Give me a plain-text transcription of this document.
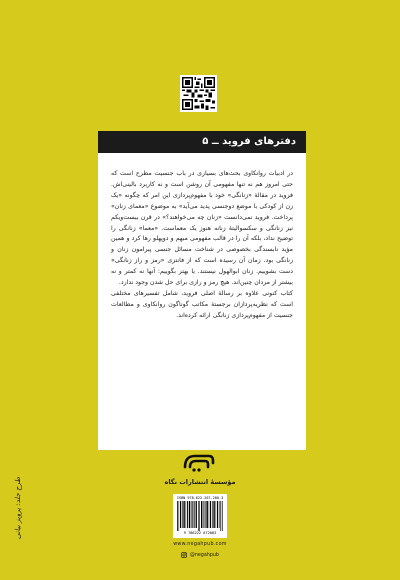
دفترهای فروید ــ ۵

در ادبیات روانکاوی بحث‌های بسیاری در باب جنسیت مطرح است که حتی امروز هم نه تنها مفهومی آن روشن است و نه کاربرد بالینی‌اش. فروید در مقالهٔ «زنانگی» خود با مفهوم‌پردازی این امر که چگونه «یک زن از کودکی با موضع دوجنسی پدید می‌آید» به موضوع «معمای زنان» پرداخت. فروید نمی‌دانست «زنان چه می‌خواهند؟» در قرن بیست‌ویکم نیز زنانگی و سکسوالیتهٔ زنانه هنوز یک معماست. «معما» زنانگی را توضیح نداد، بلکه آن را در قالب مفهومی مبهم و دوپهلو رها کرد و همین مؤید نابسندگی بخصوصی در شناخت مسائل جنسی پیرامون زنان و زنانگی بود. زمان آن رسیده است که از فانتزی «رمز و راز زنانگی» دست بشوییم. زنان ابوالهول نیستند. یا بهتر بگوییم: آنها نه کمتر و نه بیشتر از مردان چنین‌اند. هیچ رمز و رازی برای حل شدن وجود ندارد.
کتاب کنونی علاوه بر رسالهٔ اصلی فروید، شامل تفسیرهای مختلفی است که نظریه‌پردازان برجستهٔ مکاتب گوناگون روانکاوی و مطالعات جنسیت از مفهوم‌پردازی زنانگی ارائه کرده‌اند.

مؤسسهٔ انتشارات نگاه
ISBN 978-622-267-200-3
9 786222 672003
www.negahpub.com
@negahpub
طرح جلد: پرویز بیانی
